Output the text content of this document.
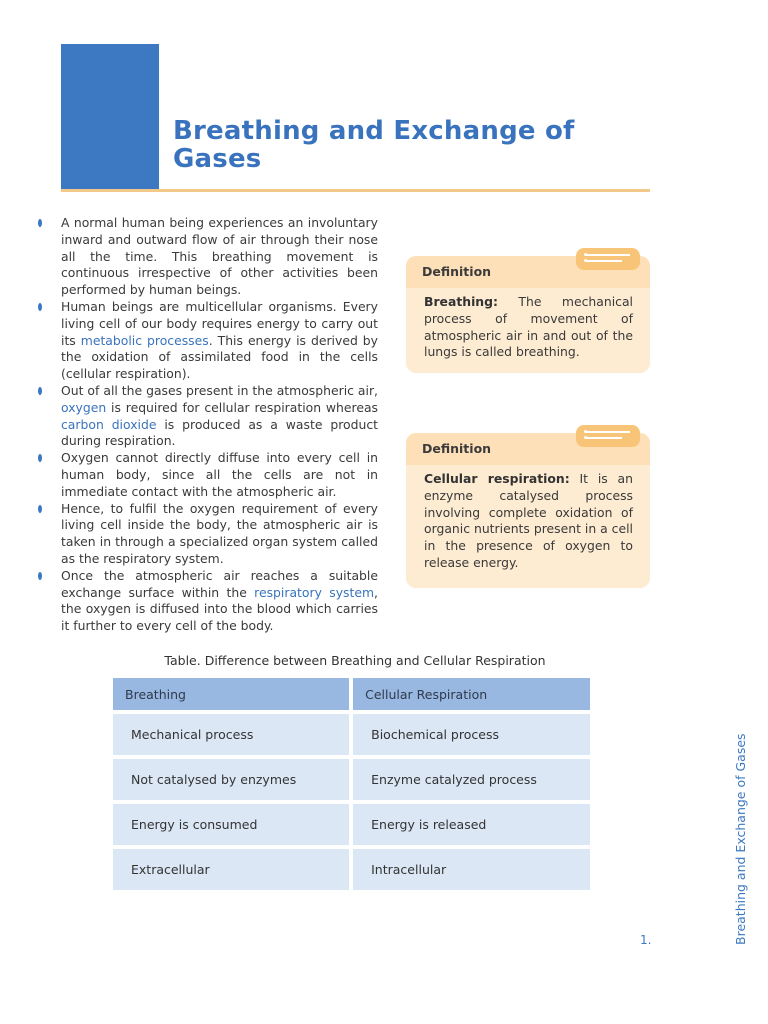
Breathing and Exchange of Gases
A normal human being experiences an involuntary inward and outward flow of air through their nose all the time. This breathing movement is continuous irrespective of other activities been performed by human beings.
Human beings are multicellular organisms. Every living cell of our body requires energy to carry out its metabolic processes. This energy is derived by the oxidation of assimilated food in the cells (cellular respiration).
Out of all the gases present in the atmospheric air, oxygen is required for cellular respiration whereas carbon dioxide is produced as a waste product during respiration.
Oxygen cannot directly diffuse into every cell in human body, since all the cells are not in immediate contact with the atmospheric air.
Hence, to fulfil the oxygen requirement of every living cell inside the body, the atmospheric air is taken in through a specialized organ system called as the respiratory system.
Once the atmospheric air reaches a suitable exchange surface within the respiratory system, the oxygen is diffused into the blood which carries it further to every cell of the body.
Definition
Breathing: The mechanical process of movement of atmospheric air in and out of the lungs is called breathing.
Definition
Cellular respiration: It is an enzyme catalysed process involving complete oxidation of organic nutrients present in a cell in the presence of oxygen to release energy.
Table. Difference between Breathing and Cellular Respiration
Breathing	Cellular Respiration
Mechanical process	Biochemical process
Not catalysed by enzymes	Enzyme catalyzed process
Energy is consumed	Energy is released
Extracellular	Intracellular	Breathing and Exchange of Gases
1.
